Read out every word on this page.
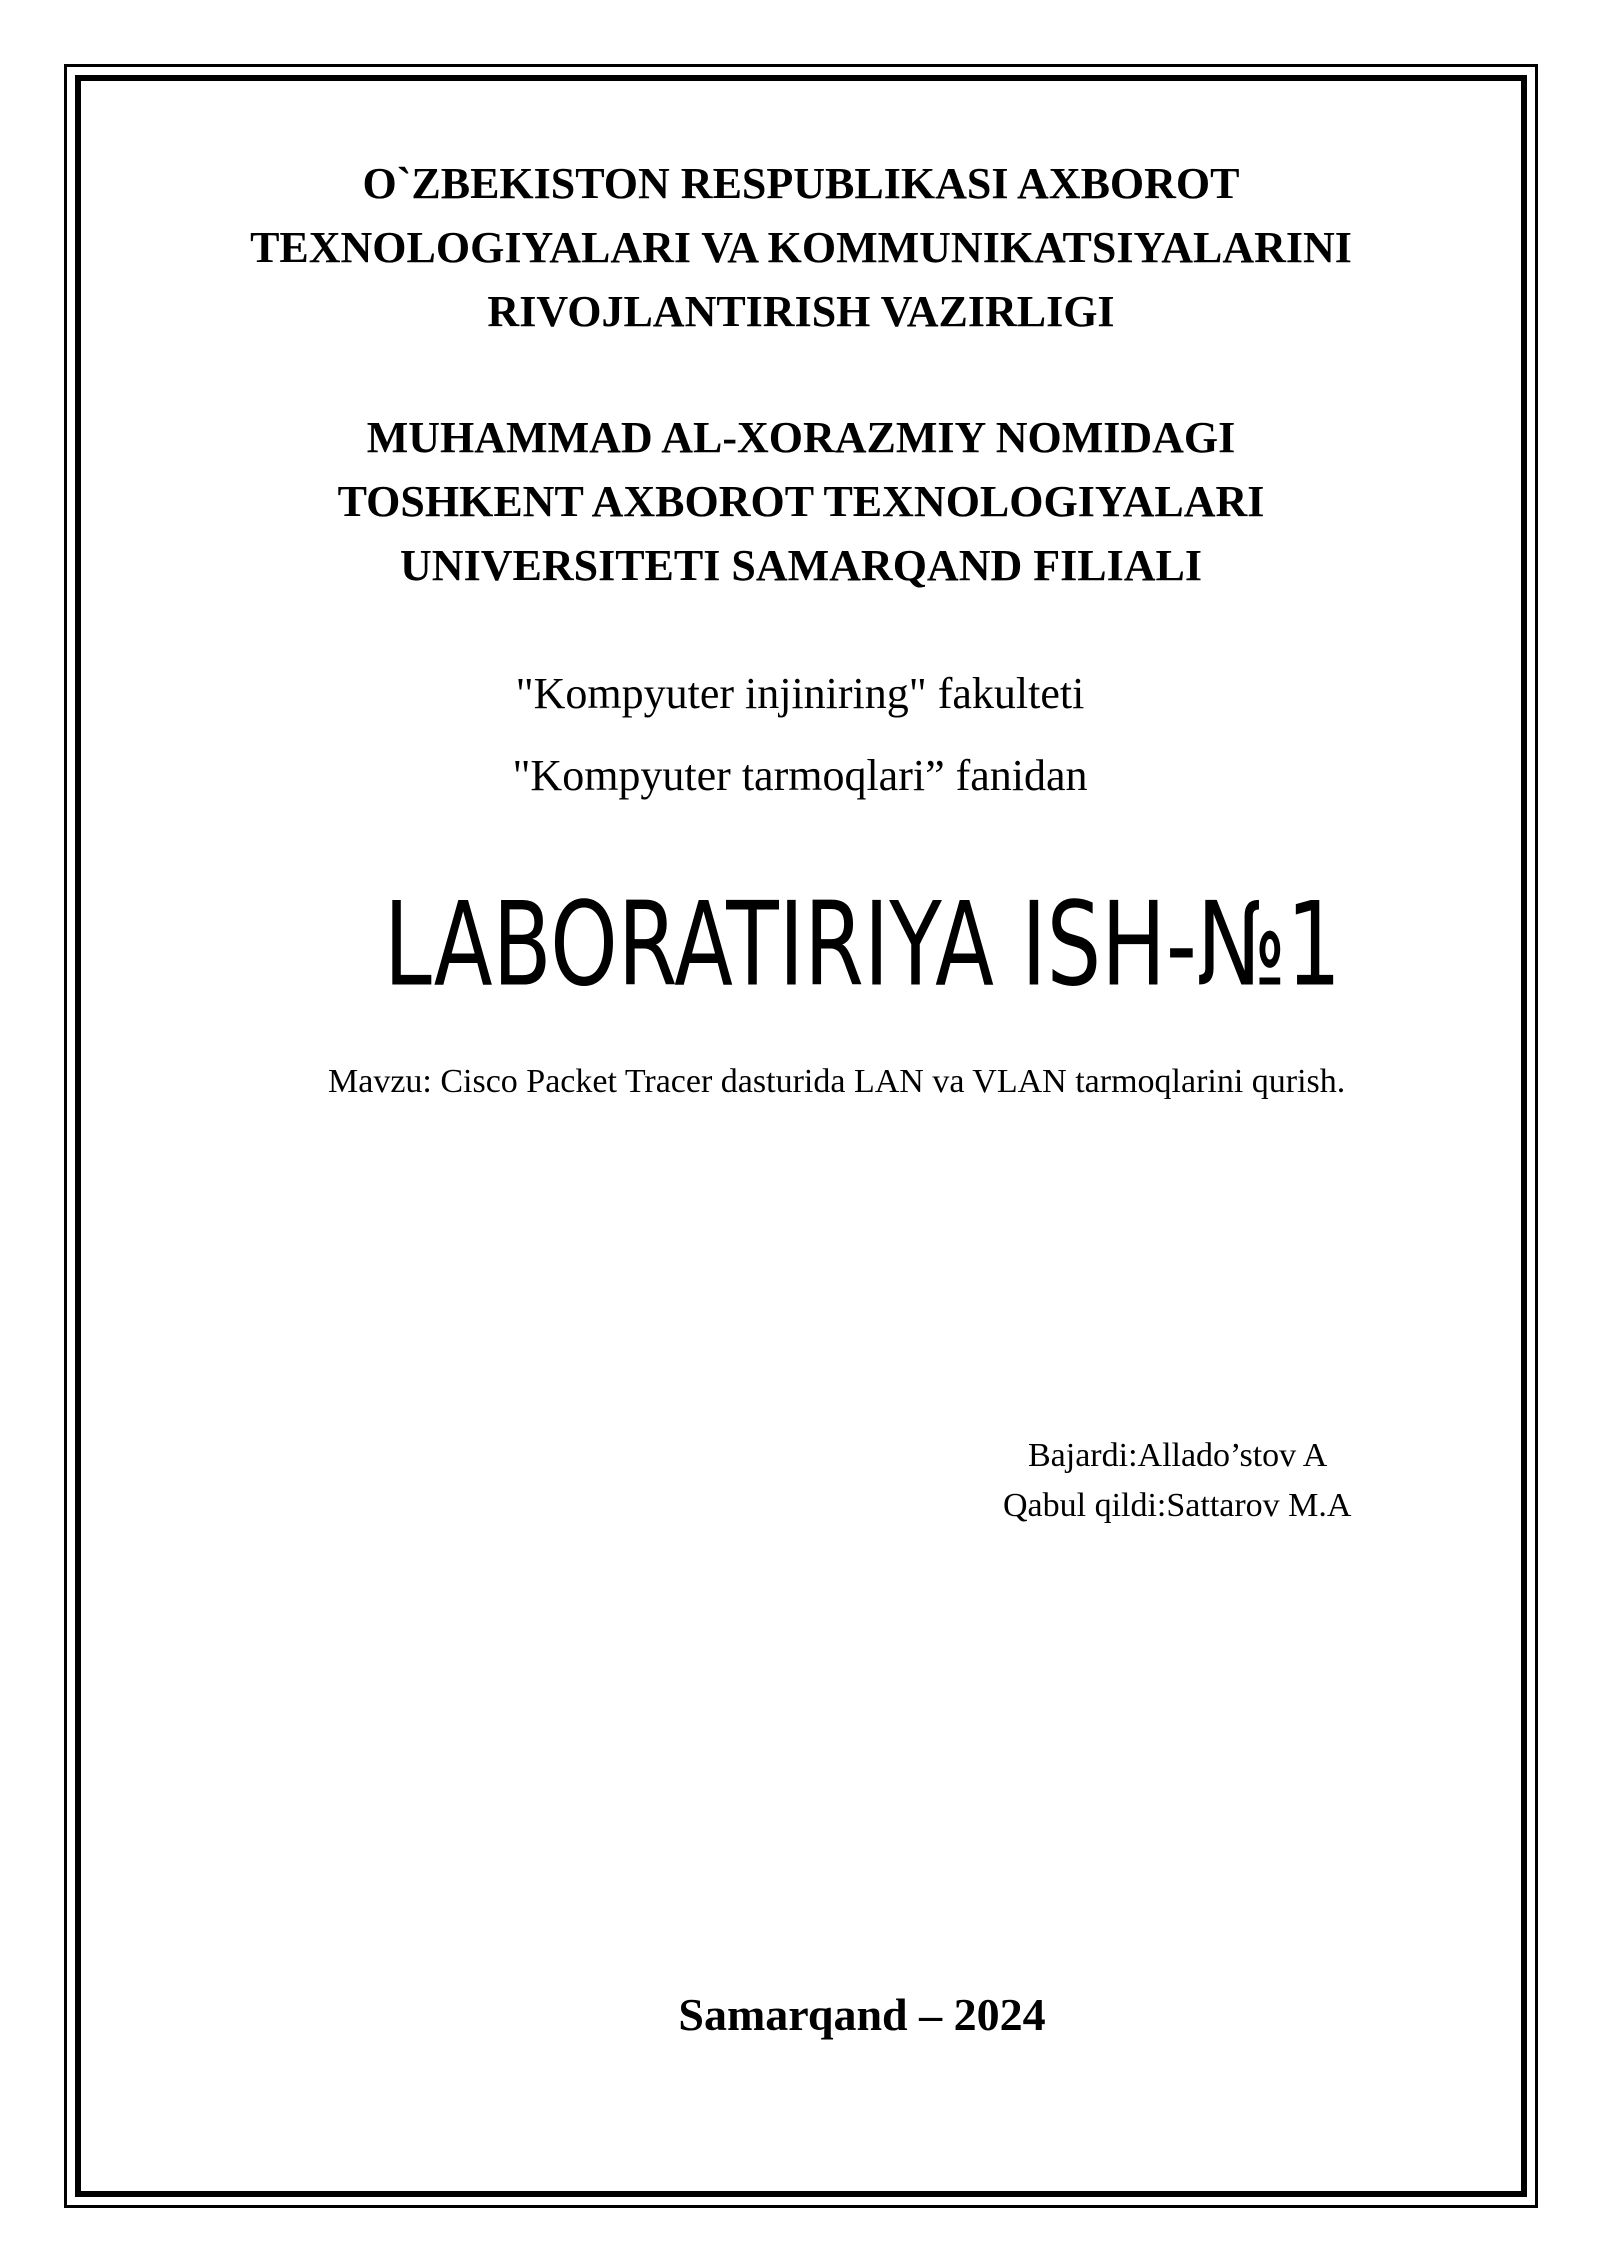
O`ZBEKISTON RESPUBLIKASI AXBOROT
TEXNOLOGIYALARI VA KOMMUNIKATSIYALARINI
RIVOJLANTIRISH VAZIRLIGI
MUHAMMAD AL-XORAZMIY NOMIDAGI
TOSHKENT AXBOROT TEXNOLOGIYALARI
UNIVERSITETI SAMARQAND FILIALI
"Kompyuter injiniring" fakulteti
"Kompyuter tarmoqlari” fanidan
LABORATIRIYA ISH-№1
Mavzu: Cisco Packet Tracer dasturida LAN va VLAN tarmoqlarini qurish.
Bajardi:Allado’stov A
Qabul qildi:Sattarov M.A
Samarqand – 2024
